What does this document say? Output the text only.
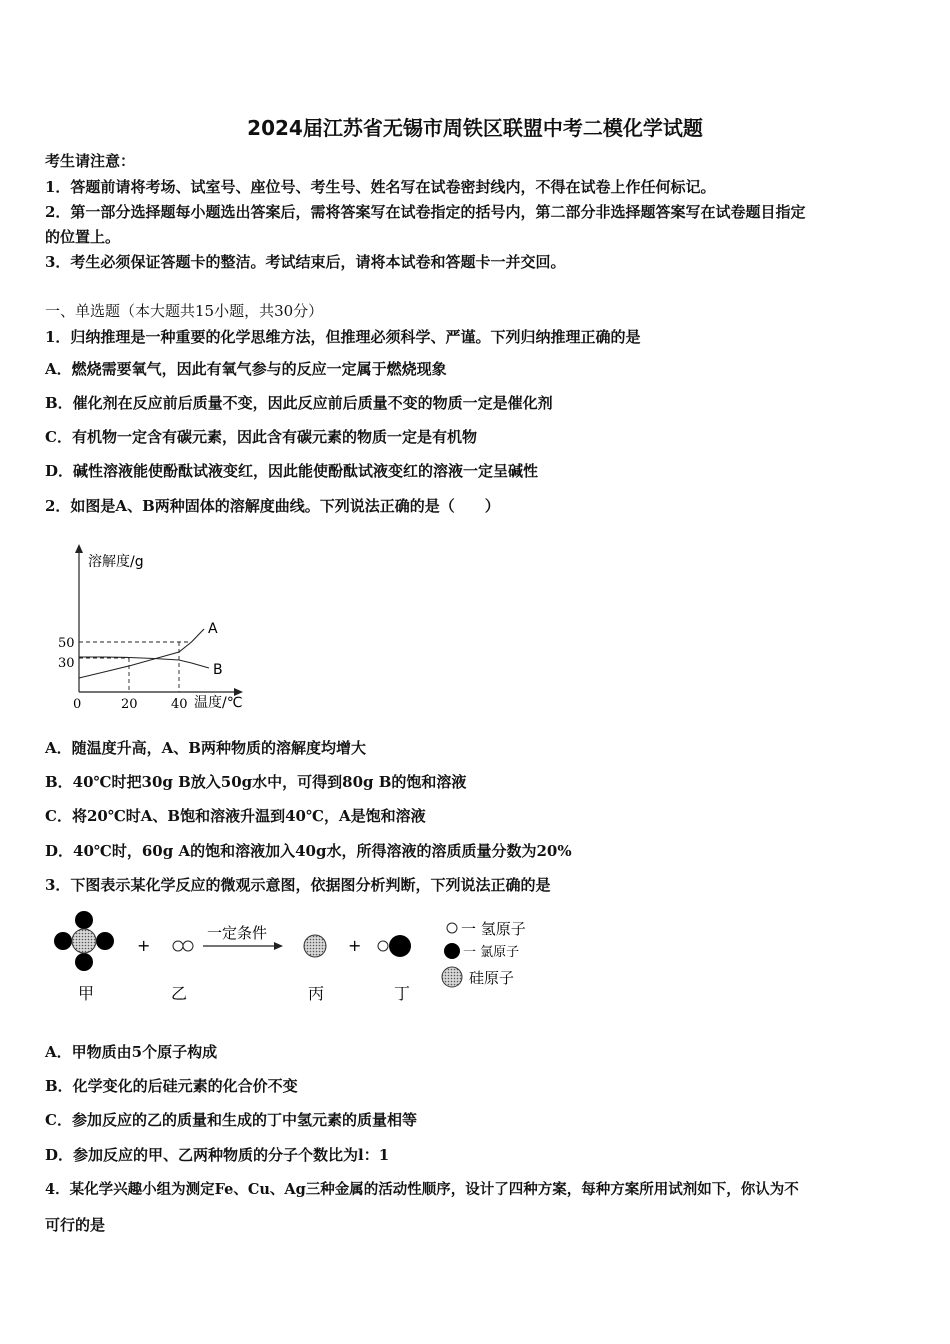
2024届江苏省无锡市周铁区联盟中考二模化学试题
考生请注意：
1．答题前请将考场、试室号、座位号、考生号、姓名写在试卷密封线内，不得在试卷上作任何标记。
2．第一部分选择题每小题选出答案后，需将答案写在试卷指定的括号内，第二部分非选择题答案写在试卷题目指定
的位置上。
3．考生必须保证答题卡的整洁。考试结束后，请将本试卷和答题卡一并交回。
一、单选题（本大题共15小题，共30分）
1．归纳推理是一种重要的化学思维方法，但推理必须科学、严谨。下列归纳推理正确的是
A．燃烧需要氧气，因此有氧气参与的反应一定属于燃烧现象
B．催化剂在反应前后质量不变，因此反应前后质量不变的物质一定是催化剂
C．有机物一定含有碳元素，因此含有碳元素的物质一定是有机物
D．碱性溶液能使酚酞试液变红，因此能使酚酞试液变红的溶液一定呈碱性
2．如图是A、B两种固体的溶解度曲线。下列说法正确的是（　　）
A
B
溶解度/g
温度/℃
0	20	40
30
50
A．随温度升高，A、B两种物质的溶解度均增大
B．40℃时把30g B放入50g水中，可得到80g B的饱和溶液
C．将20℃时A、B饱和溶液升温到40℃，A是饱和溶液
D．40℃时，60g A的饱和溶液加入40g水，所得溶液的溶质质量分数为20%
3．下图表示某化学反应的微观示意图，依据图分析判断，下列说法正确的是
+
一定条件
+
甲	乙	丙	丁
一 氢原子
一 氯原子
硅原子
A．甲物质由5个原子构成
B．化学变化的后硅元素的化合价不变
C．参加反应的乙的质量和生成的丁中氢元素的质量相等
D．参加反应的甲、乙两种物质的分子个数比为l：1
4．某化学兴趣小组为测定Fe、Cu、Ag三种金属的活动性顺序，设计了四种方案，每种方案所用试剂如下，你认为不
可行的是
